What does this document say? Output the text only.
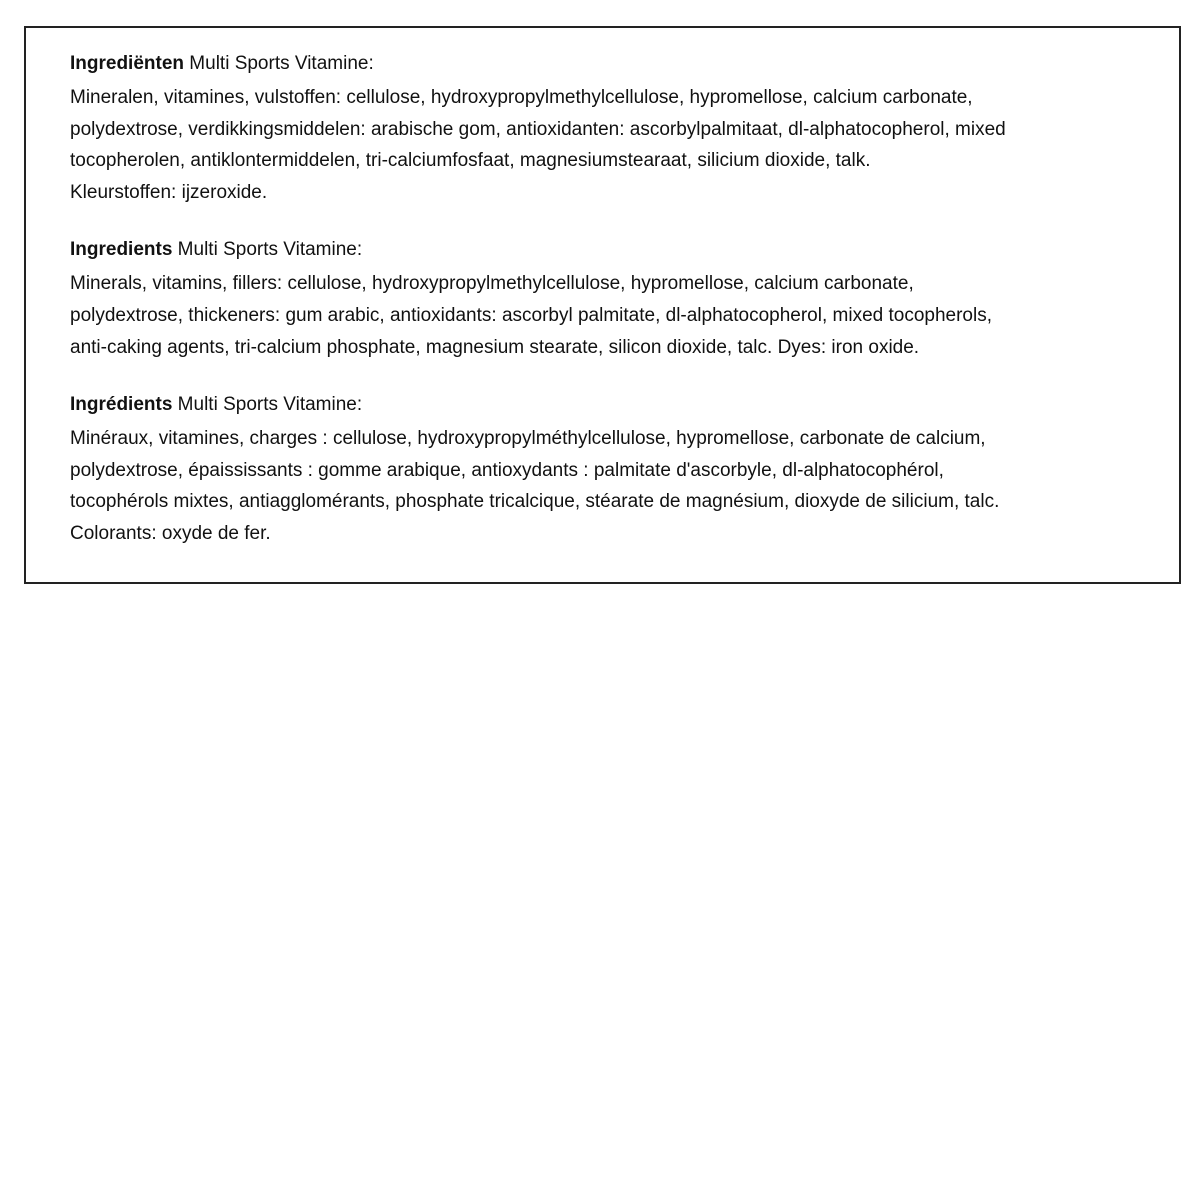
Ingrediënten Multi Sports Vitamine:

Mineralen, vitamines, vulstoffen: cellulose, hydroxypropylmethylcellulose, hypromellose, calcium carbonate,

polydextrose, verdikkingsmiddelen: arabische gom, antioxidanten: ascorbylpalmitaat, dl-alphatocopherol, mixed

tocopherolen, antiklontermiddelen, tri-calciumfosfaat, magnesiumstearaat, silicium dioxide, talk.

Kleurstoffen: ijzeroxide.

Ingredients Multi Sports Vitamine:

Minerals, vitamins, fillers: cellulose, hydroxypropylmethylcellulose, hypromellose, calcium carbonate,

polydextrose, thickeners: gum arabic, antioxidants: ascorbyl palmitate, dl-alphatocopherol, mixed tocopherols,

anti-caking agents, tri-calcium phosphate, magnesium stearate, silicon dioxide, talc. Dyes: iron oxide.

Ingrédients Multi Sports Vitamine:

Minéraux, vitamines, charges : cellulose, hydroxypropylméthylcellulose, hypromellose, carbonate de calcium,

polydextrose, épaississants : gomme arabique, antioxydants : palmitate d'ascorbyle, dl-alphatocophérol,

tocophérols mixtes, antiagglomérants, phosphate tricalcique, stéarate de magnésium, dioxyde de silicium, talc.

Colorants: oxyde de fer.
